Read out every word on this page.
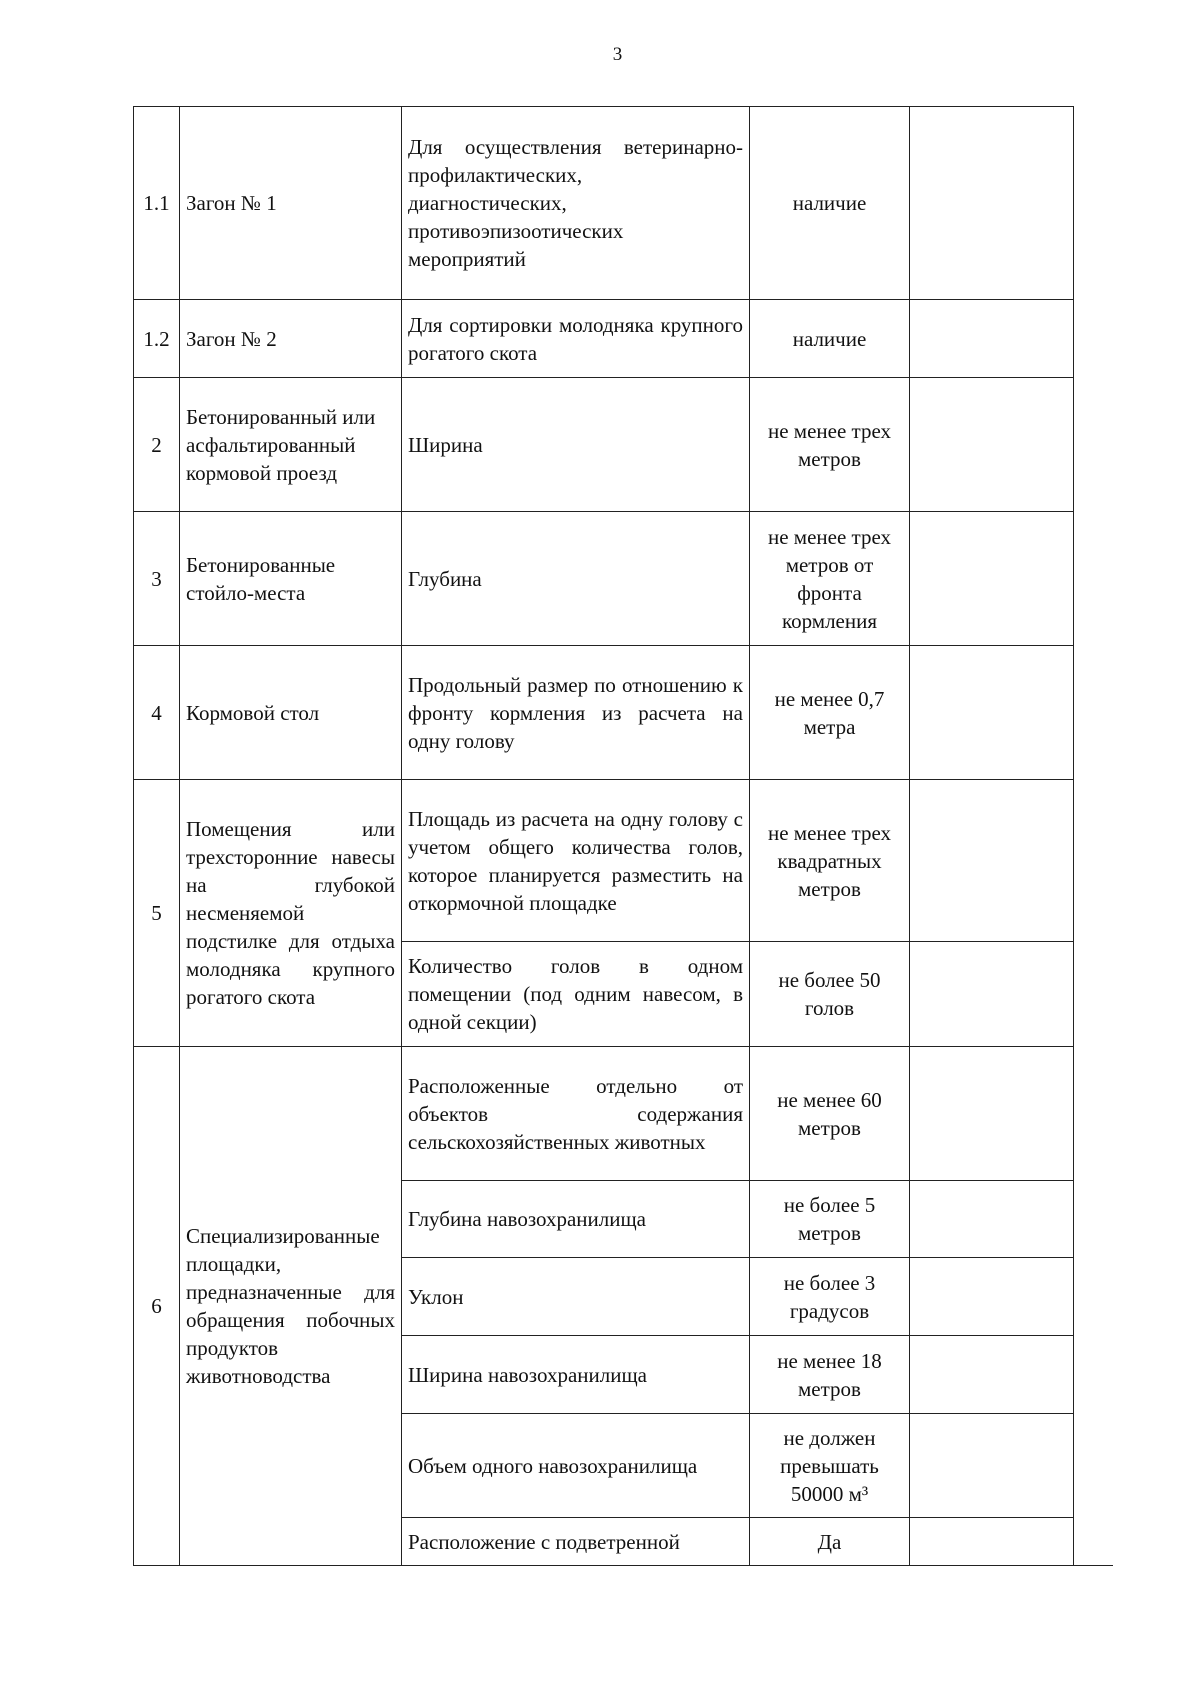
3
1.1	Загон № 1	Для осуществления ветеринарно-профилактических, диагностических, противоэпизоотических мероприятий	наличие	
1.2	Загон № 2	Для сортировки молодняка крупного рогатого скота	наличие	
2	Бетонированный или асфальтированный кормовой проезд	Ширина	не менее трех метров	
3	Бетонированные стойло-места	Глубина	не менее трех метров от фронта кормления	
4	Кормовой стол	Продольный размер по отношению к фронту кормления из расчета на одну голову	не менее 0,7 метра	
5	Помещения или трехсторонние навесы на глубокой несменяемой подстилке для отдыха молодняка крупного рогатого скота	Площадь из расчета на одну голову с учетом общего количества голов, которое планируется разместить на откормочной площадке	не менее трех квадратных метров	
		Количество голов в одном помещении (под одним навесом, в одной секции)	не более 50 голов	
6	Специализированные площадки, предназначенные для обращения побочных продуктов животноводства	Расположенные отдельно от объектов содержания сельскохозяйственных животных	не менее 60 метров	
		Глубина навозохранилища	не более 5 метров	
		Уклон	не более 3 градусов	
		Ширина навозохранилища	не менее 18 метров	
		Объем одного навозохранилища	не должен превышать 50000 м³	
		Расположение с подветренной	Да	
